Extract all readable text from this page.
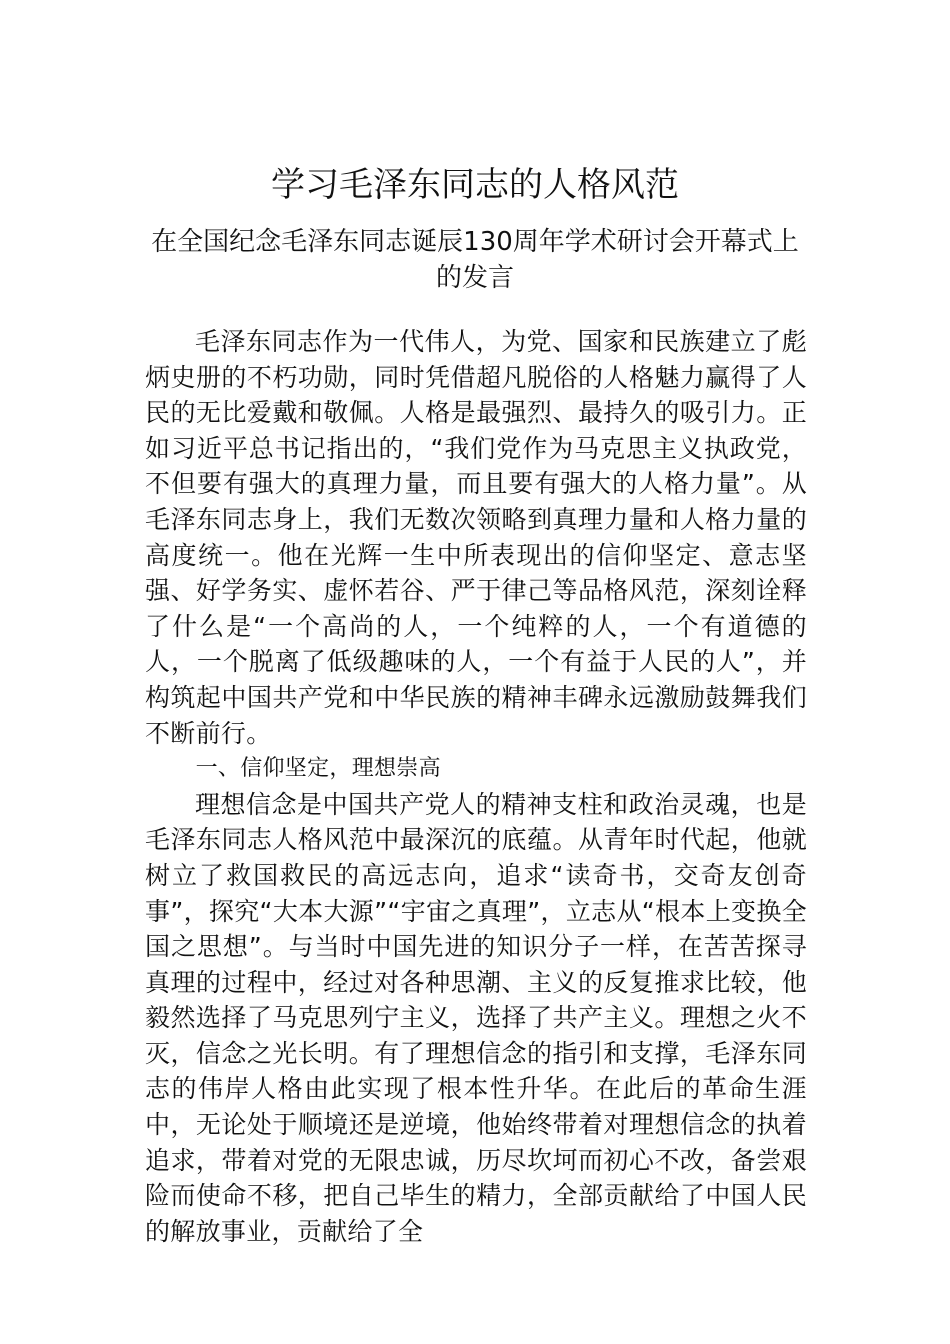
学习毛泽东同志的人格风范
在全国纪念毛泽东同志诞辰130周年学术研讨会开幕式上的发言

毛泽东同志作为一代伟人，为党、国家和民族建立了彪炳史册的不朽功勋，同时凭借超凡脱俗的人格魅力赢得了人民的无比爱戴和敬佩。人格是最强烈、最持久的吸引力。正如习近平总书记指出的，“我们党作为马克思主义执政党，不但要有强大的真理力量，而且要有强大的人格力量”。从毛泽东同志身上，我们无数次领略到真理力量和人格力量的高度统一。他在光辉一生中所表现出的信仰坚定、意志坚强、好学务实、虚怀若谷、严于律己等品格风范，深刻诠释了什么是“一个高尚的人，一个纯粹的人，一个有道德的人，一个脱离了低级趣味的人，一个有益于人民的人”，并构筑起中国共产党和中华民族的精神丰碑永远激励鼓舞我们不断前行。

一、信仰坚定，理想崇高

理想信念是中国共产党人的精神支柱和政治灵魂，也是毛泽东同志人格风范中最深沉的底蕴。从青年时代起，他就树立了救国救民的高远志向，追求“读奇书，交奇友创奇事”，探究“大本大源”“宇宙之真理”，立志从“根本上变换全国之思想”。与当时中国先进的知识分子一样，在苦苦探寻真理的过程中，经过对各种思潮、主义的反复推求比较，他毅然选择了马克思列宁主义，选择了共产主义。理想之火不灭，信念之光长明。有了理想信念的指引和支撑，毛泽东同志的伟岸人格由此实现了根本性升华。在此后的革命生涯中，无论处于顺境还是逆境，他始终带着对理想信念的执着追求，带着对党的无限忠诚，历尽坎坷而初心不改，备尝艰险而使命不移，把自己毕生的精力，全部贡献给了中国人民的解放事业，贡献给了全
